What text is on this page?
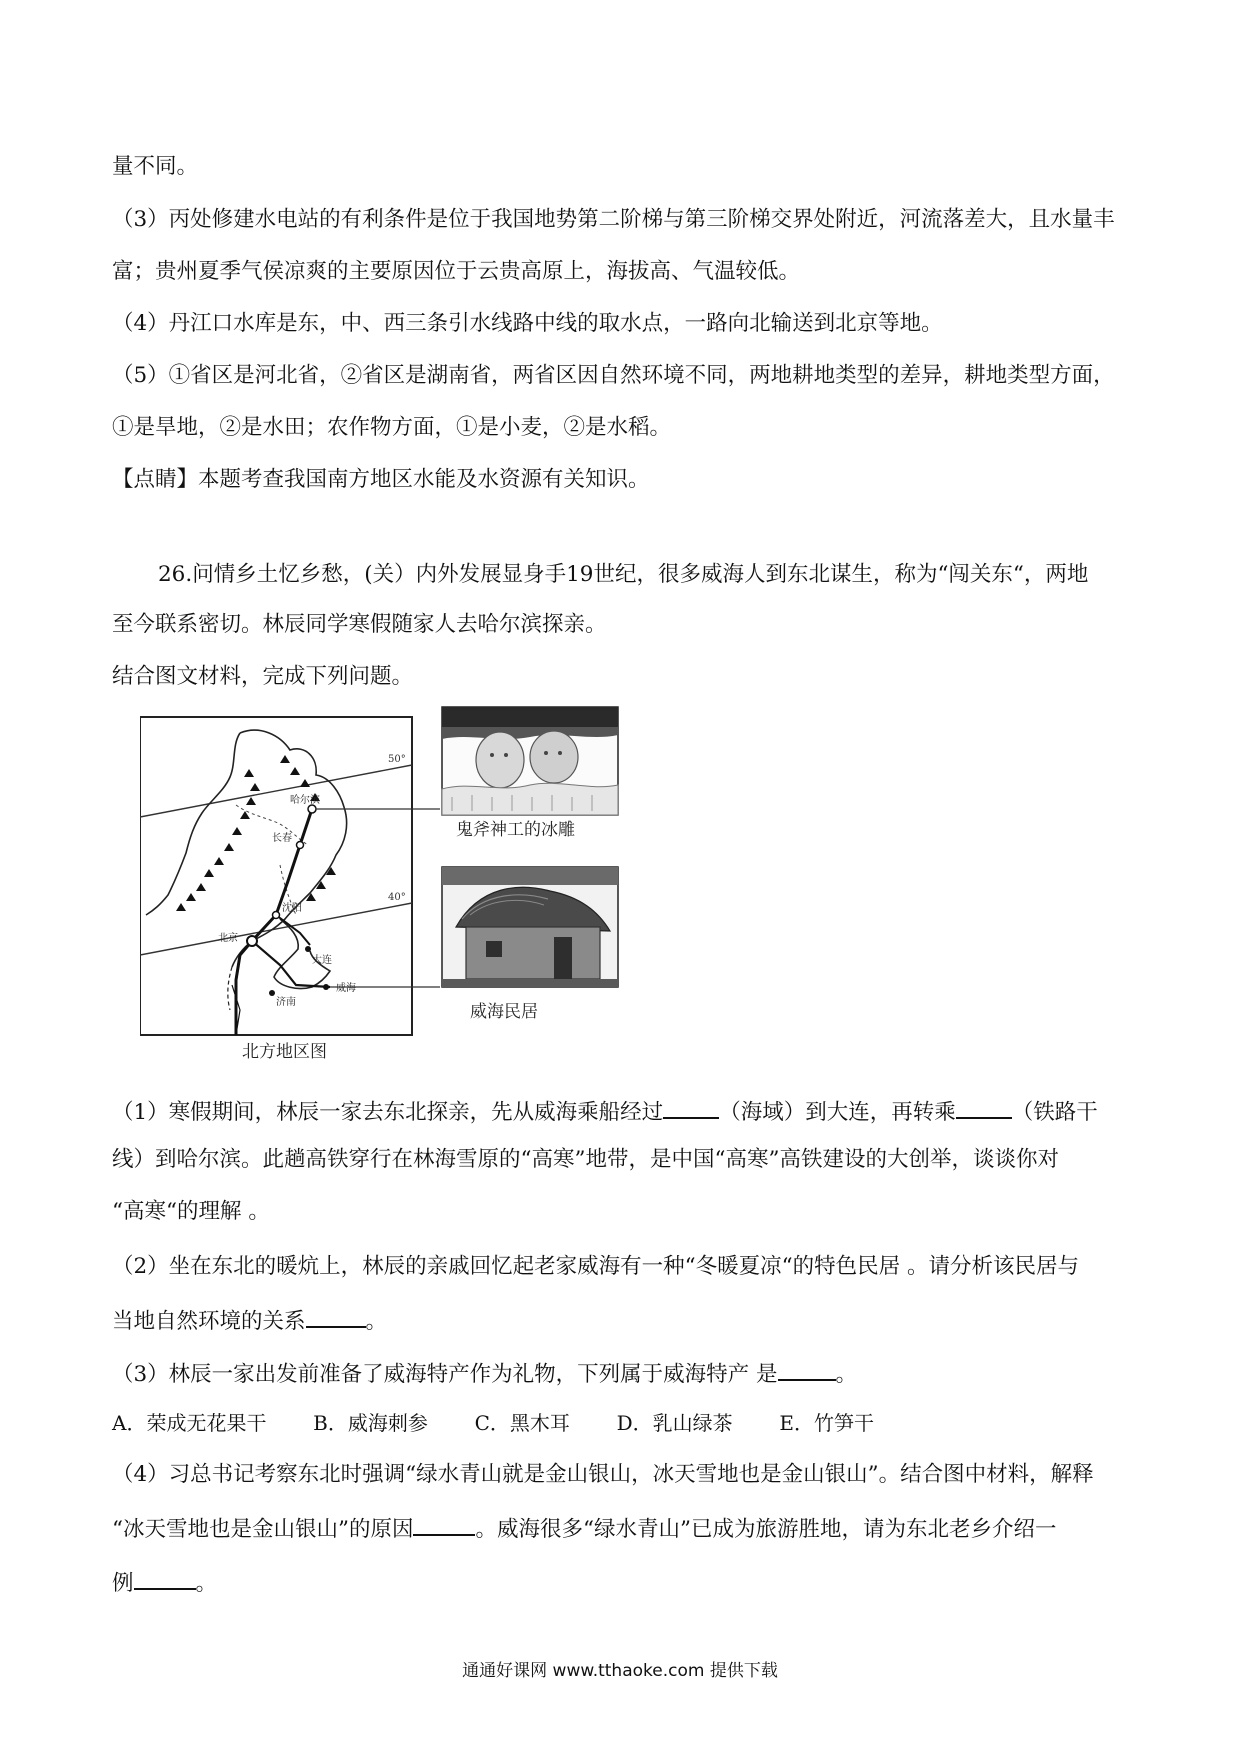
量不同。
（3）丙处修建水电站的有利条件是位于我国地势第二阶梯与第三阶梯交界处附近，河流落差大，且水量丰
富；贵州夏季气侯凉爽的主要原因位于云贵高原上，海拔高、气温较低。
（4）丹江口水库是东，中、西三条引水线路中线的取水点，一路向北输送到北京等地。
（5）①省区是河北省，②省区是湖南省，两省区因自然环境不同，两地耕地类型的差异，耕地类型方面，
①是旱地，②是水田；农作物方面，①是小麦，②是水稻。
【点睛】本题考查我国南方地区水能及水资源有关知识。
26.问情乡土忆乡愁，(关）内外发展显身手19世纪，很多威海人到东北谋生，称为“闯关东“，两地
至今联系密切。林辰同学寒假随家人去哈尔滨探亲。
结合图文材料，完成下列问题。
50°
40°
哈尔滨
长春
沈阳
北京
大连
威海
济南
鬼斧神工的冰雕
威海民居
北方地区图
（1）寒假期间，林辰一家去东北探亲，先从威海乘船经过	（海域）到大连，再转乘	（铁路干
线）到哈尔滨。此趟高铁穿行在林海雪原的“高寒”地带，是中国“高寒”高铁建设的大创举，谈谈你对
“高寒“的理解 。
（2）坐在东北的暖炕上，林辰的亲戚回忆起老家威海有一种“冬暖夏凉“的特色民居 。请分析该民居与
当地自然环境的关系	。
（3）林辰一家出发前准备了威海特产作为礼物，下列属于威海特产 是	。
A．荣成无花果干 B．威海刺参 C．黑木耳 D．乳山绿茶 E．竹笋干
（4）习总书记考察东北时强调“绿水青山就是金山银山，冰天雪地也是金山银山”。结合图中材料，解释
“冰天雪地也是金山银山”的原因	。威海很多“绿水青山”已成为旅游胜地，请为东北老乡介绍一
例	。
通通好课网 www.tthaoke.com 提供下载
